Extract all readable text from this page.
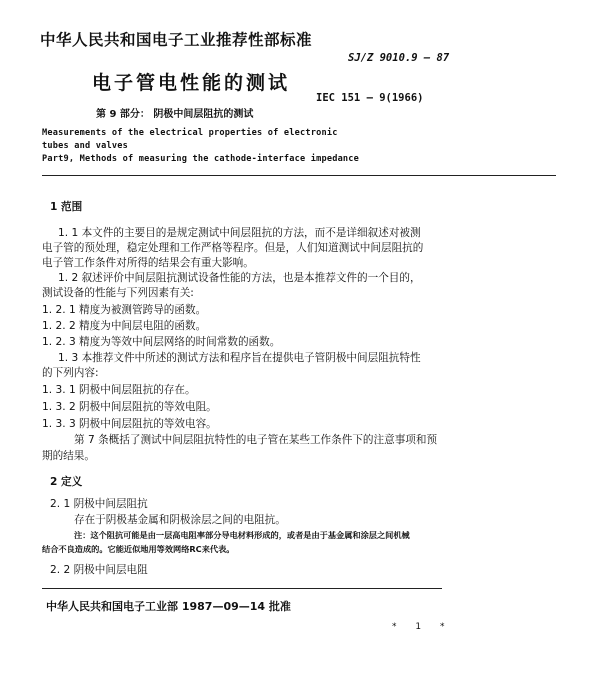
中华人民共和国电子工业推荐性部标准
SJ/Z 9010.9 — 87
电子管电性能的测试
IEC 151 — 9(1966)
第 9 部分： 阴极中间层阻抗的测试
Measurements of the electrical properties of electronic
tubes and valves
Part9, Methods of measuring the cathode-interface impedance
1 范围
1. 1 本文件的主要目的是规定测试中间层阻抗的方法，而不是详细叙述对被测
电子管的预处理，稳定处理和工作严格等程序。但是，人们知道测试中间层阻抗的
电子管工作条件对所得的结果会有重大影响。
1. 2 叙述评价中间层阻抗测试设备性能的方法，也是本推荐文件的一个目的，
测试设备的性能与下列因素有关:
1. 2. 1 精度为被测管跨导的函数。
1. 2. 2 精度为中间层电阻的函数。
1. 2. 3 精度为等效中间层网络的时间常数的函数。
1. 3 本推荐文件中所述的测试方法和程序旨在提供电子管阴极中间层阻抗特性
的下列内容:
1. 3. 1 阴极中间层阻抗的存在。
1. 3. 2 阴极中间层阻抗的等效电阻。
1. 3. 3 阴极中间层阻抗的等效电容。
第 7 条概括了测试中间层阻抗特性的电子管在某些工作条件下的注意事项和预
期的结果。
2 定义
2. 1 阴极中间层阻抗
存在于阴极基金属和阴极涂层之间的电阻抗。
注：这个阻抗可能是由一层高电阻率部分导电材料形成的，或者是由于基金属和涂层之间机械
结合不良造成的。它能近似地用等效网络RC来代表。
2. 2 阴极中间层电阻
中华人民共和国电子工业部 1987—09—14 批准
* 1 *
